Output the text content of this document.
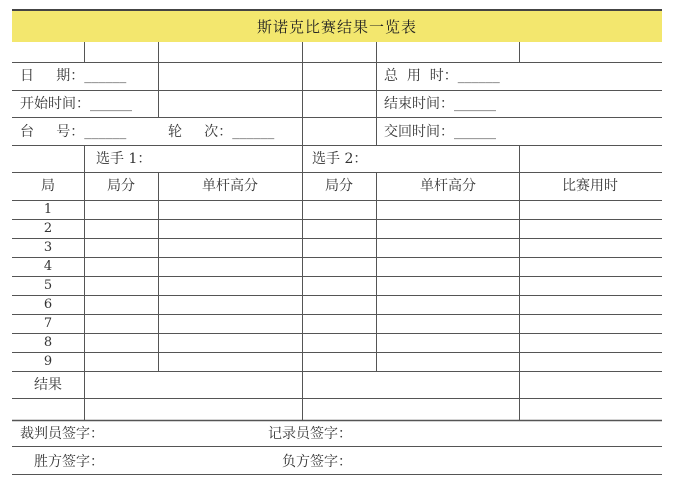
斯诺克比赛结果一览表
日     期：______	总  用  时：______
开始时间：______	结束时间：______
台     号：______	轮     次：______	交回时间：______
选手 1：	选手 2：
局	局分	单杆高分	局分	单杆高分	比赛用时
1
2
3
4
5
6
7
8
9
结果
裁判员签字：	记录员签字：
胜方签字：	负方签字：
